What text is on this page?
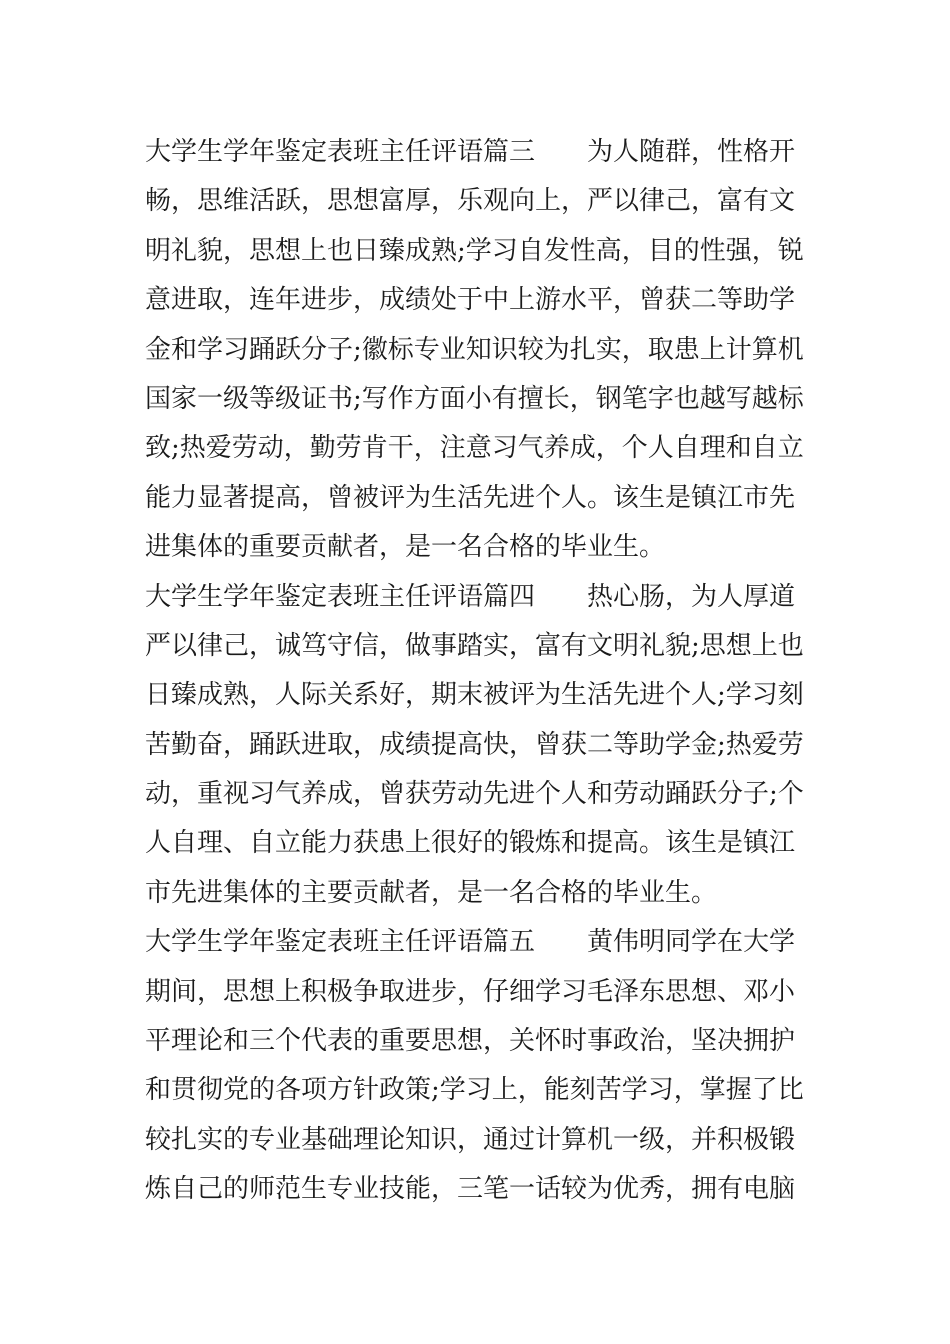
大学生学年鉴定表班主任评语篇三　　为人随群，性格开
畅，思维活跃，思想富厚，乐观向上，严以律己，富有文
明礼貌，思想上也日臻成熟;学习自发性高，目的性强，锐
意进取，连年进步，成绩处于中上游水平，曾获二等助学
金和学习踊跃分子;徽标专业知识较为扎实，取患上计算机
国家一级等级证书;写作方面小有擅长，钢笔字也越写越标
致;热爱劳动，勤劳肯干，注意习气养成，个人自理和自立
能力显著提高，曾被评为生活先进个人。该生是镇江市先
进集体的重要贡献者，是一名合格的毕业生。
大学生学年鉴定表班主任评语篇四　　热心肠，为人厚道
严以律己，诚笃守信，做事踏实，富有文明礼貌;思想上也
日臻成熟，人际关系好，期末被评为生活先进个人;学习刻
苦勤奋，踊跃进取，成绩提高快，曾获二等助学金;热爱劳
动，重视习气养成，曾获劳动先进个人和劳动踊跃分子;个
人自理、自立能力获患上很好的锻炼和提高。该生是镇江
市先进集体的主要贡献者，是一名合格的毕业生。
大学生学年鉴定表班主任评语篇五　　黄伟明同学在大学
期间，思想上积极争取进步，仔细学习毛泽东思想、邓小
平理论和三个代表的重要思想，关怀时事政治，坚决拥护
和贯彻党的各项方针政策;学习上，能刻苦学习，掌握了比
较扎实的专业基础理论知识，通过计算机一级，并积极锻
炼自己的师范生专业技能，三笔一话较为优秀，拥有电脑
